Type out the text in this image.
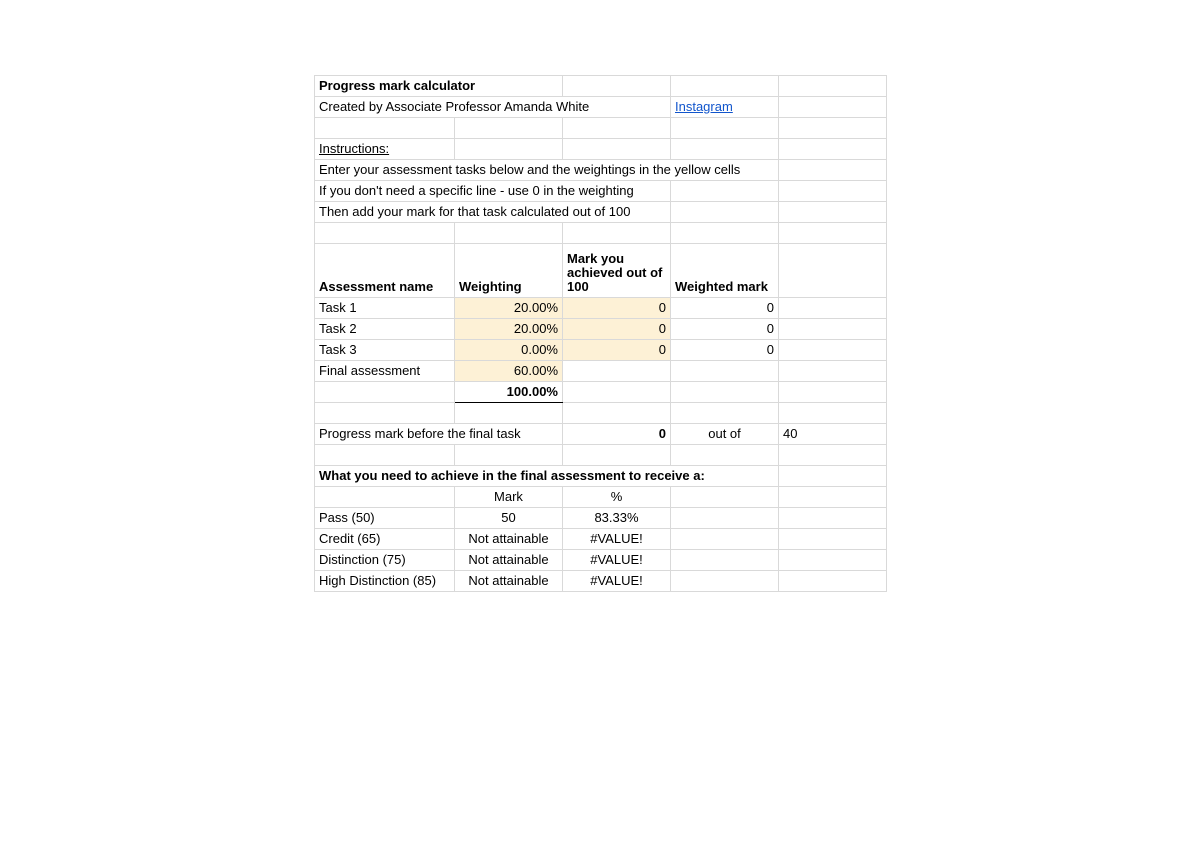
Progress mark calculator				
Created by Associate Professor Amanda White			Instagram	

Instructions:				
Enter your assessment tasks below and the weightings in the yellow cells				
If you don't need a specific line - use 0 in the weighting				
Then add your mark for that task calculated out of 100				

Assessment name	Weighting	Mark you achieved out of 100	Weighted mark	
Task 1	20.00%	0	0	
Task 2	20.00%	0	0	
Task 3	0.00%	0	0	
Final assessment	60.00%			
	100.00%			

Progress mark before the final task		0	out of	40

What you need to achieve in the final assessment to receive a:				
	Mark	%		
Pass (50)	50	83.33%		
Credit (65)	Not attainable	#VALUE!		
Distinction (75)	Not attainable	#VALUE!		
High Distinction (85)	Not attainable	#VALUE!		
